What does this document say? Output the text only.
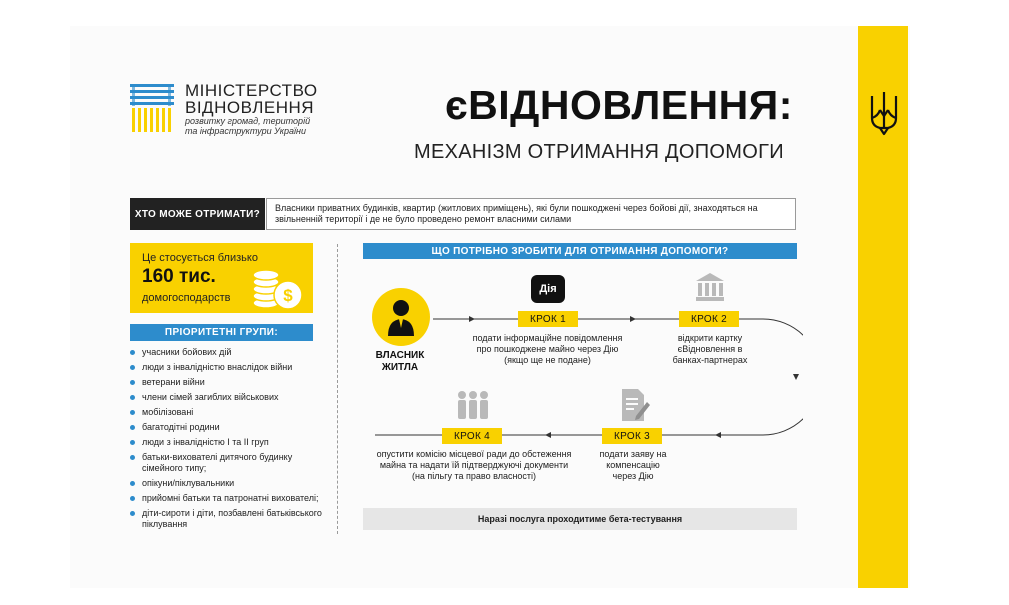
МІНІСТЕРСТВО
ВІДНОВЛЕННЯ
розвитку громад, територій
та інфраструктури України
єВІДНОВЛЕННЯ:
МЕХАНІЗМ ОТРИМАННЯ ДОПОМОГИ
ХТО МОЖЕ ОТРИМАТИ?
Власники приватних будинків, квартир (житлових приміщень), які були пошкоджені через бойові дії, знаходяться на
звільненній території і де не було проведено ремонт власними силами
Це стосується близько
160 тис.
домогосподарств	$
ПРІОРИТЕТНІ ГРУПИ:
учасники бойових дій
люди з інвалідністю внаслідок війни
ветерани війни
члени сімей загиблих військових
мобілізовані
багатодітні родини
люди з інвалідністю I та II груп
батьки-вихователі дитячого будинку сімейного типу;
опікуни/піклувальники
прийомні батьки та патронатні вихователі;
діти-сироти і діти, позбавлені батьківського піклування
ЩО ПОТРІБНО ЗРОБИТИ ДЛЯ ОТРИМАННЯ ДОПОМОГИ?
ВЛАСНИК
ЖИТЛА
Дія
КРОК 1
подати інформаційне повідомлення
про пошкоджене майно через Дію
(якщо ще не подане)
КРОК 2
відкрити картку
єВідновлення в
банках-партнерах
КРОК 3
подати заяву на
компенсацію
через Дію
КРОК 4
опустити комісію місцевої ради до обстеження
майна та надати їй підтверджуючі документи
(на пільгу та право власності)
Наразі послуга проходитиме бета-тестування
